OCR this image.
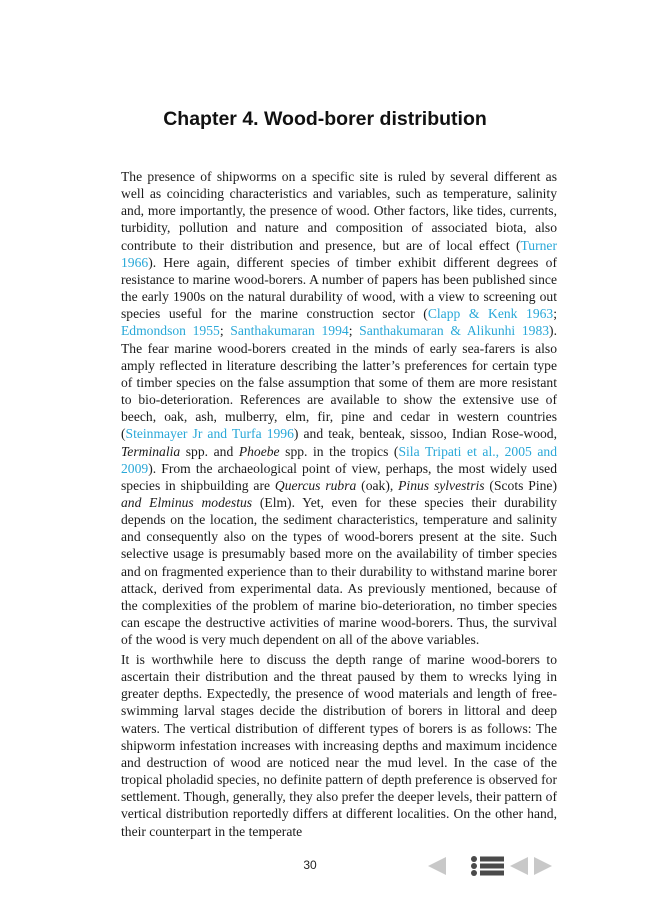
Chapter 4. Wood-borer distribution

The presence of shipworms on a specific site is ruled by several different as well as coinciding characteristics and variables, such as temperature, salinity and, more importantly, the presence of wood. Other factors, like tides, currents, turbidity, pollution and nature and composition of associated biota, also contribute to their distribution and presence, but are of local effect (Turner 1966). Here again, different species of timber exhibit different degrees of resistance to marine wood-borers. A number of papers has been published since the early 1900s on the natural durability of wood, with a view to screening out species useful for the marine construction sector (Clapp & Kenk 1963; Edmondson 1955; Santhakumaran 1994; Santhakumaran & Alikunhi 1983). The fear marine wood-borers created in the minds of early sea-farers is also amply reflected in literature describing the latter’s preferences for certain type of timber species on the false assumption that some of them are more resistant to bio-deterioration. References are available to show the extensive use of beech, oak, ash, mulberry, elm, fir, pine and cedar in western countries (Steinmayer Jr and Turfa 1996) and teak, benteak, sissoo, Indian Rose-wood, Terminalia spp. and Phoebe spp. in the tropics (Sila Tripati et al., 2005 and 2009). From the archaeological point of view, perhaps, the most widely used species in shipbuilding are Quercus rubra (oak), Pinus sylvestris (Scots Pine) and Elminus modestus (Elm). Yet, even for these species their durability depends on the location, the sediment characteristics, temperature and salinity and consequently also on the types of wood-borers present at the site. Such selective usage is presumably based more on the availability of timber species and on fragmented experience than to their durability to withstand marine borer attack, derived from experimental data. As previously mentioned, because of the complexities of the problem of marine bio-deterioration, no timber species can escape the destructive activities of marine wood-borers. Thus, the survival of the wood is very much dependent on all of the above variables.

It is worthwhile here to discuss the depth range of marine wood-borers to ascertain their distribution and the threat paused by them to wrecks lying in greater depths. Expectedly, the presence of wood materials and length of free-swimming larval stages decide the distribution of borers in littoral and deep waters. The vertical distribution of different types of borers is as follows: The shipworm infestation increases with increasing depths and maximum incidence and destruction of wood are noticed near the mud level. In the case of the tropical pholadid species, no definite pattern of depth preference is observed for settlement. Though, generally, they also prefer the deeper levels, their pattern of vertical distribution reportedly differs at different localities. On the other hand, their counterpart in the temperate

30
